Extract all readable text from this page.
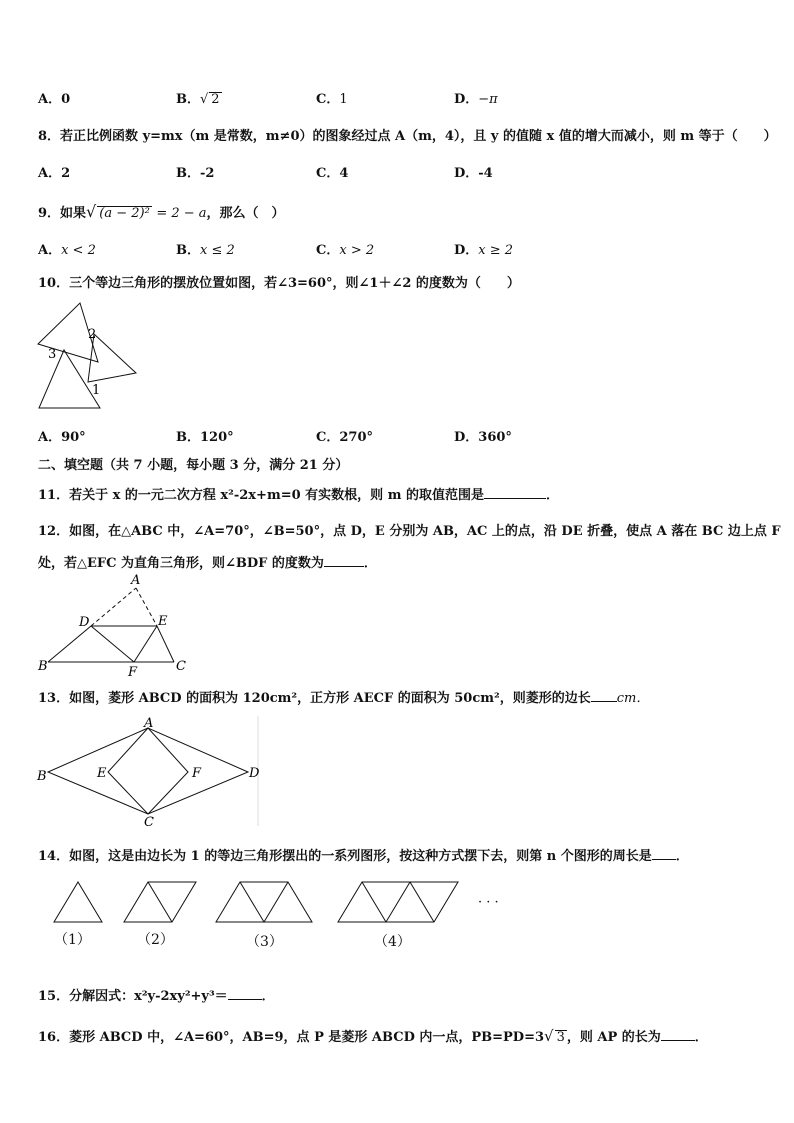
A．0	B．√ 2	C．1	D．−π
8．若正比例函数 y=mx（m 是常数，m≠0）的图象经过点 A（m，4），且 y 的值随 x 值的增大而减小，则 m 等于（　　）
A．2	B．-2	C．4	D．-4
9．如果√ (a − 2)² = 2 − a，那么（　）
A．x < 2	B．x ≤ 2	C．x > 2	D．x ≥ 2
10．三个等边三角形的摆放位置如图，若∠3=60°，则∠1＋∠2 的度数为（　　）
2
3
1
A．90°	B．120°	C．270°	D．360°
二、填空题（共 7 小题，每小题 3 分，满分 21 分）
11．若关于 x 的一元二次方程 x²-2x+m=0 有实数根，则 m 的取值范围是	．
12．如图，在△ABC 中，∠A=70°，∠B=50°，点 D，E 分别为 AB，AC 上的点，沿 DE 折叠，使点 A 落在 BC 边上点 F
处，若△EFC 为直角三角形，则∠BDF 的度数为	．
A
D	E
B	F	C
13．如图，菱形 ABCD 的面积为 120cm²，正方形 AECF 的面积为 50cm²，则菱形的边长 cm．
A
B	E	F	D
C
14．如图，这是由边长为 1 的等边三角形摆出的一系列图形，按这种方式摆下去，则第 n 个图形的周长是 ．
（1）	（2）	（3）	（4）
· · ·
15．分解因式：x²y-2xy²+y³＝	．
16．菱形 ABCD 中，∠A=60°，AB=9，点 P 是菱形 ABCD 内一点，PB=PD=3√ 3 ，则 AP 的长为	．
